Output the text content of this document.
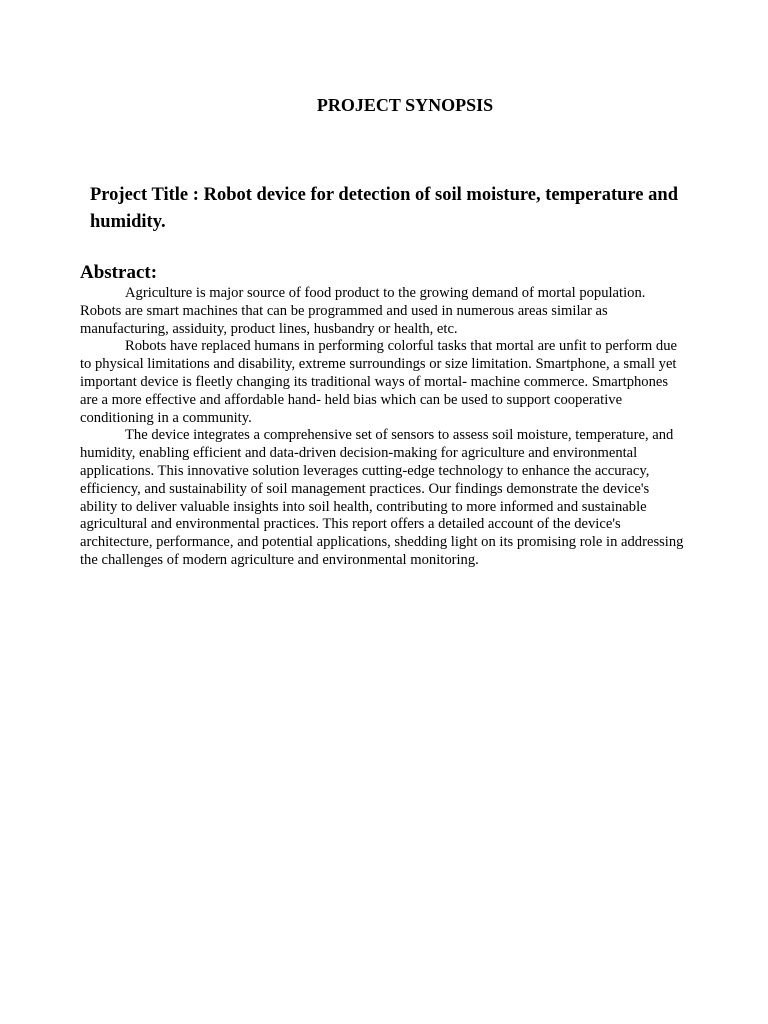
PROJECT SYNOPSIS
Project Title : Robot device for detection of soil moisture, temperature and humidity.
Abstract:

Agriculture is major source of food product to the growing demand of mortal population. Robots are smart machines that can be programmed and used in numerous areas similar as manufacturing, assiduity, product lines, husbandry or health, etc.

Robots have replaced humans in performing colorful tasks that mortal are unfit to perform due to physical limitations and disability, extreme surroundings or size limitation. Smartphone, a small yet important device is fleetly changing its traditional ways of mortal- machine commerce. Smartphones are a more effective and affordable hand- held bias which can be used to support cooperative conditioning in a community.

The device integrates a comprehensive set of sensors to assess soil moisture, temperature, and humidity, enabling efficient and data-driven decision-making for agriculture and environmental applications. This innovative solution leverages cutting-edge technology to enhance the accuracy, efficiency, and sustainability of soil management practices. Our findings demonstrate the device's ability to deliver valuable insights into soil health, contributing to more informed and sustainable agricultural and environmental practices. This report offers a detailed account of the device's architecture, performance, and potential applications, shedding light on its promising role in addressing the challenges of modern agriculture and environmental monitoring.
